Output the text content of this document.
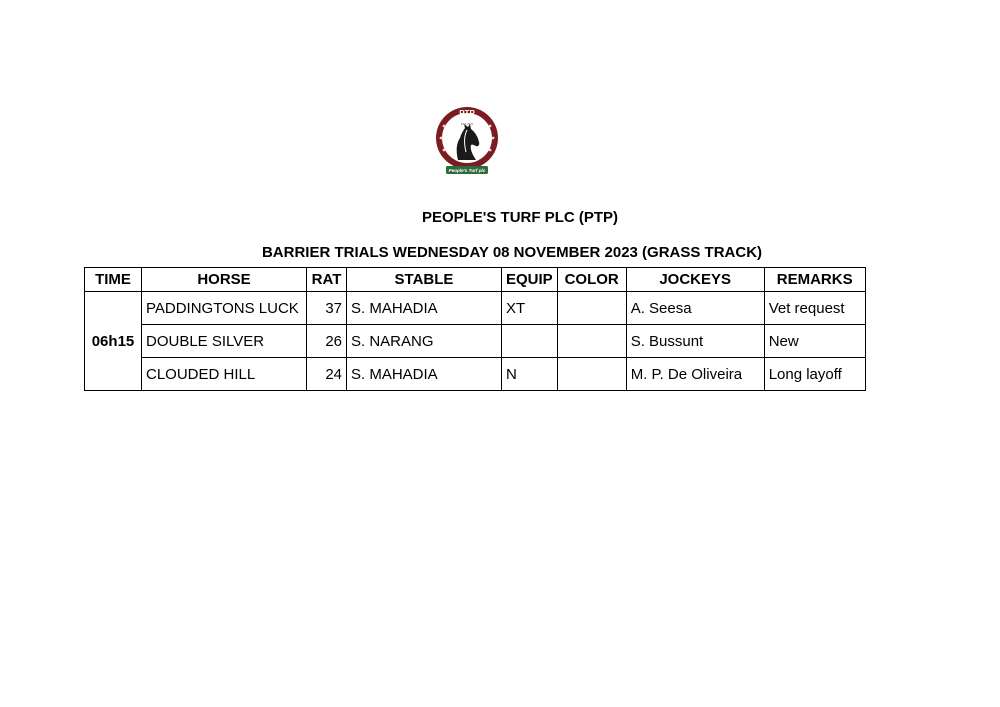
PTP
EST. 2023
People's Turf plc

PEOPLE'S TURF PLC (PTP)

BARRIER TRIALS WEDNESDAY 08 NOVEMBER 2023 (GRASS TRACK)

TIME	HORSE	RAT	STABLE	EQUIP	COLOR	JOCKEYS	REMARKS
06h15	PADDINGTONS LUCK	37	S. MAHADIA	XT		A. Seesa	Vet request
	DOUBLE SILVER	26	S. NARANG			S. Bussunt	New
	CLOUDED HILL	24	S. MAHADIA	N		M. P. De Oliveira	Long layoff
